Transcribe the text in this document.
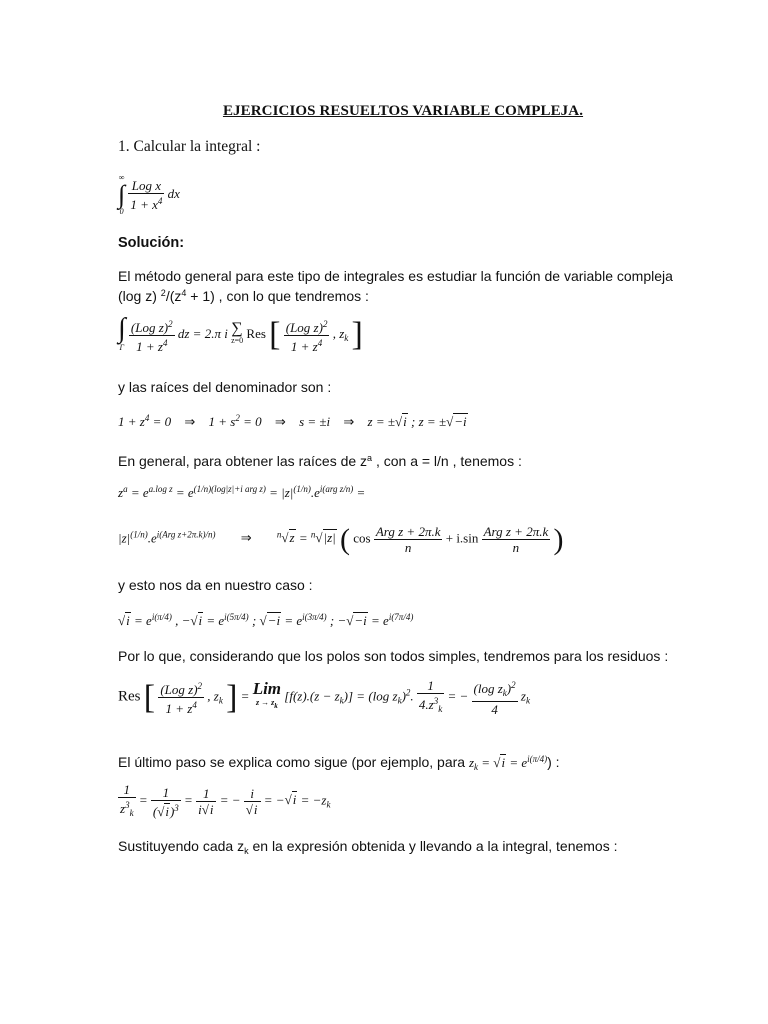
EJERCICIOS RESUELTOS VARIABLE COMPLEJA.
1. Calcular la integral :
∞
∫
0
$\frac{\text{Log x}}{1 + x^4}$ dx
Solución:
El método general para este tipo de integrales es estudiar la función de variable compleja
(log z) $^2/(z^4 + 1)$ , con lo que tendremos :
∫
Γ
$\frac{(Log z)^2}{1 + z^4}$ dz = 2.π i ∑
z=0 Res [ $\frac{(Log z)^2}{1 + z^4}$ , $z_k$ ]
y las raíces del denominador son :
$1 + z^4 = 0$ ⇒ $1 + s^2 = 0$ ⇒ s = ±i ⇒ z = ±√i ; z = ±√−i
En general, para obtener las raíces de $z^a$ , con a = l/n , tenemos :
$z^a = e^{a.log z} = e^{(1/n)(log|z|+i arg z)} = |z|^{(1/n)}.e^{i(arg z/n)}$ =
$|z|^{(1/n)}.e^{i(Arg z+2\pi.k)/n)}$ ⇒	$^n$√z = $^n$√|z| ( $\cos \frac{\text{Arg z + 2π.k}}{n} + i.\sin \frac{\text{Arg z + 2π.k}}{n}$ )
y esto nos da en nuestro caso :
$√i = e^{i(\pi/4)}$ , $-√i = e^{i(5\pi/4)}$ ; $√-i = e^{i(3\pi/4)}$ ; $-√-i = e^{i(7\pi/4)}$
Por lo que, considerando que los polos son todos simples, tendremos para los residuos :
Res [ $\frac{(Log z)^2}{1 + z^4}$ , $z_k$ ] = Lim
z → zk
$[f(z).(z - z_k)] = (\log$ $z_k)^2$. $\frac{1}{4.z^3_k}$ = − $\frac{(\log z_k)^2}{4} z_k$
El último paso se explica como sigue (por ejemplo, para $z_k = √i = e^{i(\pi/4)}$) :
$\frac{1}{z^3_k} = \frac{1}{(√i)^3} = \frac{1}{i√i}$ = − $\frac{i}{√i} = -√i = -z_k$
Sustituyendo cada $z_k$ en la expresión obtenida y llevando a la integral, tenemos :
